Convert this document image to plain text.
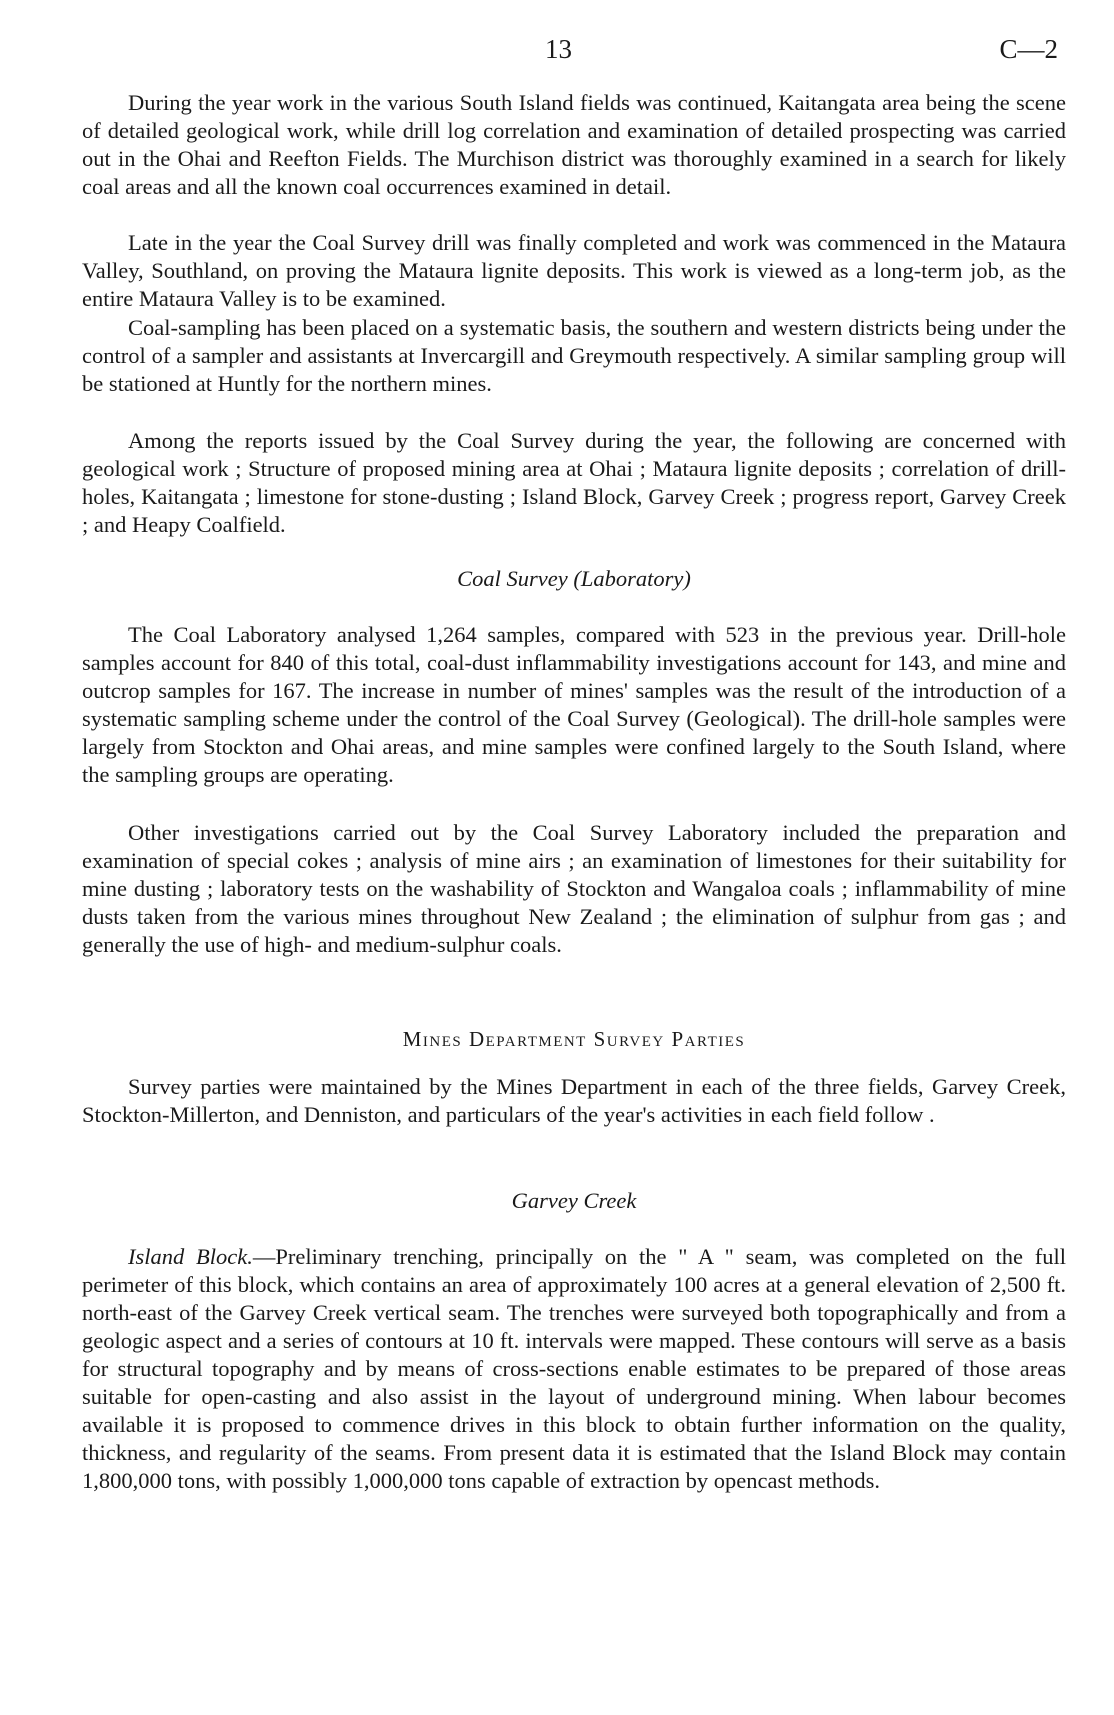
13	C—2

During the year work in the various South Island fields was continued, Kaitangata area being the scene of detailed geological work, while drill log correlation and examination of detailed prospecting was carried out in the Ohai and Reefton Fields. The Murchison district was thoroughly examined in a search for likely coal areas and all the known coal occurrences examined in detail.

Late in the year the Coal Survey drill was finally completed and work was commenced in the Mataura Valley, Southland, on proving the Mataura lignite deposits. This work is viewed as a long-term job, as the entire Mataura Valley is to be examined.

Coal-sampling has been placed on a systematic basis, the southern and western districts being under the control of a sampler and assistants at Invercargill and Greymouth respectively. A similar sampling group will be stationed at Huntly for the northern mines.

Among the reports issued by the Coal Survey during the year, the following are concerned with geological work ; Structure of proposed mining area at Ohai ; Mataura lignite deposits ; correlation of drill-holes, Kaitangata ; limestone for stone-dusting ; Island Block, Garvey Creek ; progress report, Garvey Creek ; and Heapy Coalfield.

Coal Survey (Laboratory)

The Coal Laboratory analysed 1,264 samples, compared with 523 in the previous year. Drill-hole samples account for 840 of this total, coal-dust inflammability investigations account for 143, and mine and outcrop samples for 167. The increase in number of mines' samples was the result of the introduction of a systematic sampling scheme under the control of the Coal Survey (Geological). The drill-hole samples were largely from Stockton and Ohai areas, and mine samples were confined largely to the South Island, where the sampling groups are operating.

Other investigations carried out by the Coal Survey Laboratory included the preparation and examination of special cokes ; analysis of mine airs ; an examination of limestones for their suitability for mine dusting ; laboratory tests on the washability of Stockton and Wangaloa coals ; inflammability of mine dusts taken from the various mines throughout New Zealand ; the elimination of sulphur from gas ; and generally the use of high- and medium-sulphur coals.

Mines Department Survey Parties

Survey parties were maintained by the Mines Department in each of the three fields, Garvey Creek, Stockton-Millerton, and Denniston, and particulars of the year's activities in each field follow .

Garvey Creek

Island Block.—Preliminary trenching, principally on the " A " seam, was completed on the full perimeter of this block, which contains an area of approximately 100 acres at a general elevation of 2,500 ft. north-east of the Garvey Creek vertical seam. The trenches were surveyed both topographically and from a geologic aspect and a series of contours at 10 ft. intervals were mapped. These contours will serve as a basis for structural topography and by means of cross-sections enable estimates to be prepared of those areas suitable for open-casting and also assist in the layout of underground mining. When labour becomes available it is proposed to commence drives in this block to obtain further information on the quality, thickness, and regularity of the seams. From present data it is estimated that the Island Block may contain 1,800,000 tons, with possibly 1,000,000 tons capable of extraction by opencast methods.
